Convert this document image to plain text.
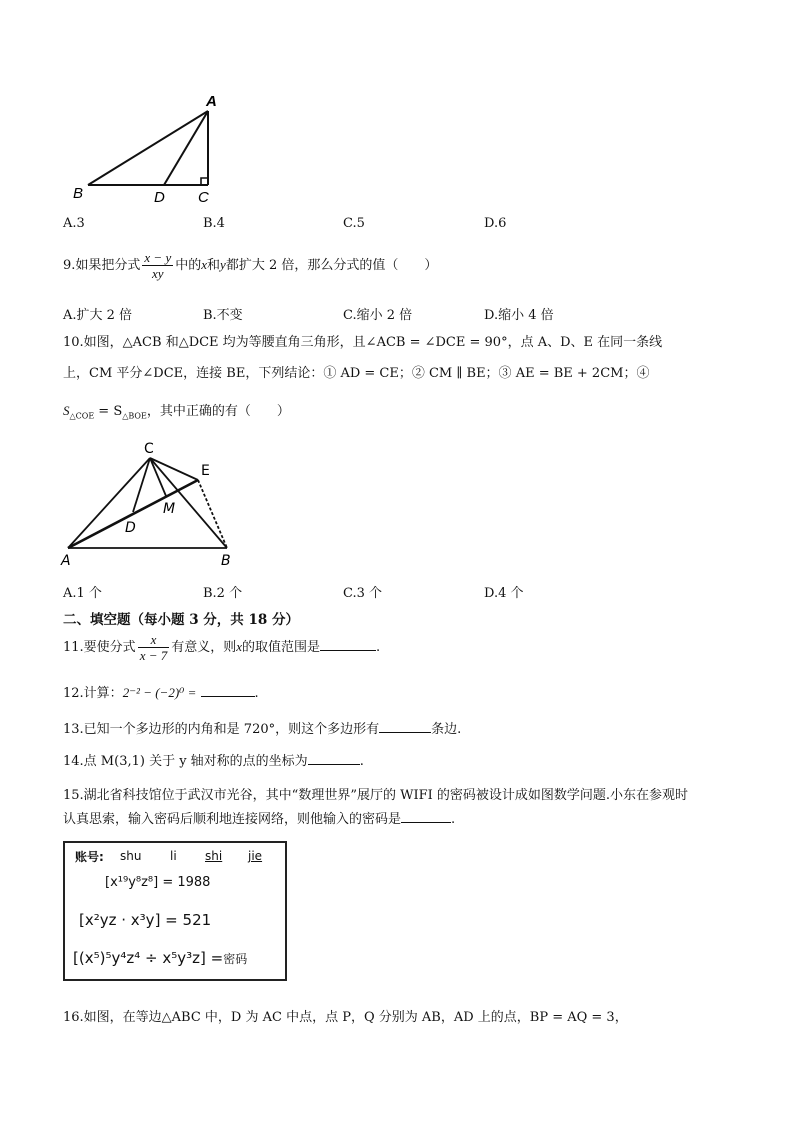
A
B	D C
A.3	B.4	C.5	D.6
9.如果把分式 $\frac{x - y}{xy}$ 中的x和y都扩大 2 倍，那么分式的值（　　）
A.扩大 2 倍	B.不变	C.缩小 2 倍	D.缩小 4 倍
10.如图，△ACB 和△DCE 均为等腰直角三角形，且∠ACB = ∠DCE = 90°，点 A、D、E 在同一条线
上，CM 平分∠DCE，连接 BE，下列结论：① AD = CE；② CM ∥ BE；③ AE = BE + 2CM；④
$S_{\triangle COE} = S_{\triangle BOE}$，其中正确的有（　　）
C
E
M
D
A	B
A.1 个	B.2 个	C.3 个	D.4 个
二、填空题（每小题 3 分，共 18 分）
11.要使分式 $\frac{x}{x - 7}$ 有意义，则x的取值范围是	.
12.计算：2⁻² − (−2)⁰ =	.
13.已知一个多边形的内角和是 720°，则这个多边形有	条边.
14.点 M(3,1) 关于 y 轴对称的点的坐标为	.
15.湖北省科技馆位于武汉市光谷，其中“数理世界”展厅的 WIFI 的密码被设计成如图数学问题.小东在参观时
认真思索，输入密码后顺利地连接网络，则他输入的密码是	.
账号: shu li shi jie
[x¹⁹y⁸z⁸] = 1988
[x²yz · x³y] = 521
[(x⁵)⁵y⁴z⁴ ÷ x⁵y³z] =密码
16.如图，在等边△ABC 中，D 为 AC 中点，点 P，Q 分别为 AB，AD 上的点，BP = AQ = 3，
